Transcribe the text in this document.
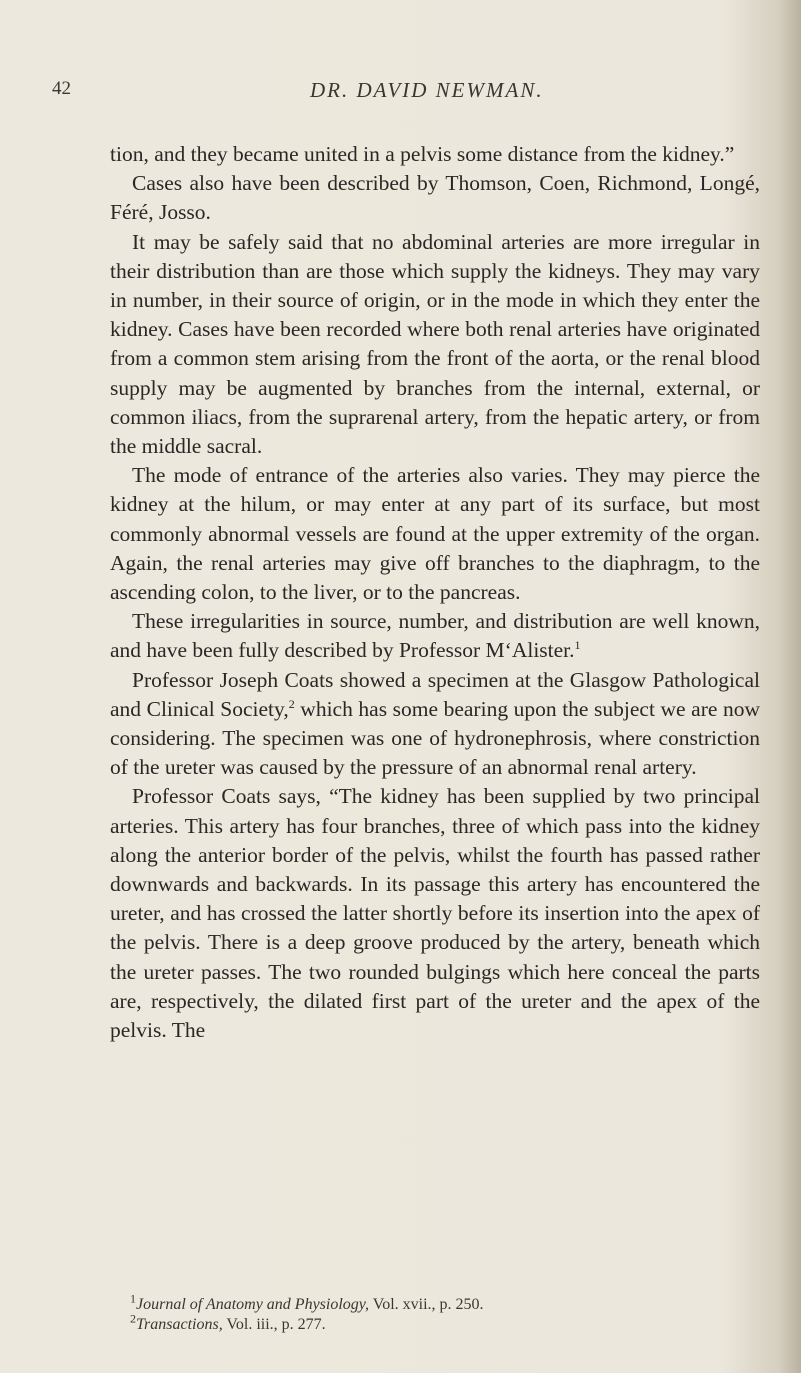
42	DR. DAVID NEWMAN.

tion, and they became united in a pelvis some distance from the kidney.”

Cases also have been described by Thomson, Coen, Richmond, Longé, Féré, Josso.

It may be safely said that no abdominal arteries are more irregular in their distribution than are those which supply the kidneys. They may vary in number, in their source of origin, or in the mode in which they enter the kidney. Cases have been recorded where both renal arteries have originated from a common stem arising from the front of the aorta, or the renal blood supply may be augmented by branches from the internal, external, or common iliacs, from the suprarenal artery, from the hepatic artery, or from the middle sacral.

The mode of entrance of the arteries also varies. They may pierce the kidney at the hilum, or may enter at any part of its surface, but most commonly abnormal vessels are found at the upper extremity of the organ. Again, the renal arteries may give off branches to the diaphragm, to the ascending colon, to the liver, or to the pancreas.

These irregularities in source, number, and distribution are well known, and have been fully described by Professor M‘Alister.$^1$

Professor Joseph Coats showed a specimen at the Glasgow Pathological and Clinical Society,$^2$ which has some bearing upon the subject we are now considering. The specimen was one of hydronephrosis, where constriction of the ureter was caused by the pressure of an abnormal renal artery.

Professor Coats says, “The kidney has been supplied by two principal arteries. This artery has four branches, three of which pass into the kidney along the anterior border of the pelvis, whilst the fourth has passed rather downwards and backwards. In its passage this artery has encountered the ureter, and has crossed the latter shortly before its insertion into the apex of the pelvis. There is a deep groove produced by the artery, beneath which the ureter passes. The two rounded bulgings which here conceal the parts are, respectively, the dilated first part of the ureter and the apex of the pelvis. The

$^1$Journal of Anatomy and Physiology, Vol. xvii., p. 250.

$^2$Transactions, Vol. iii., p. 277.
